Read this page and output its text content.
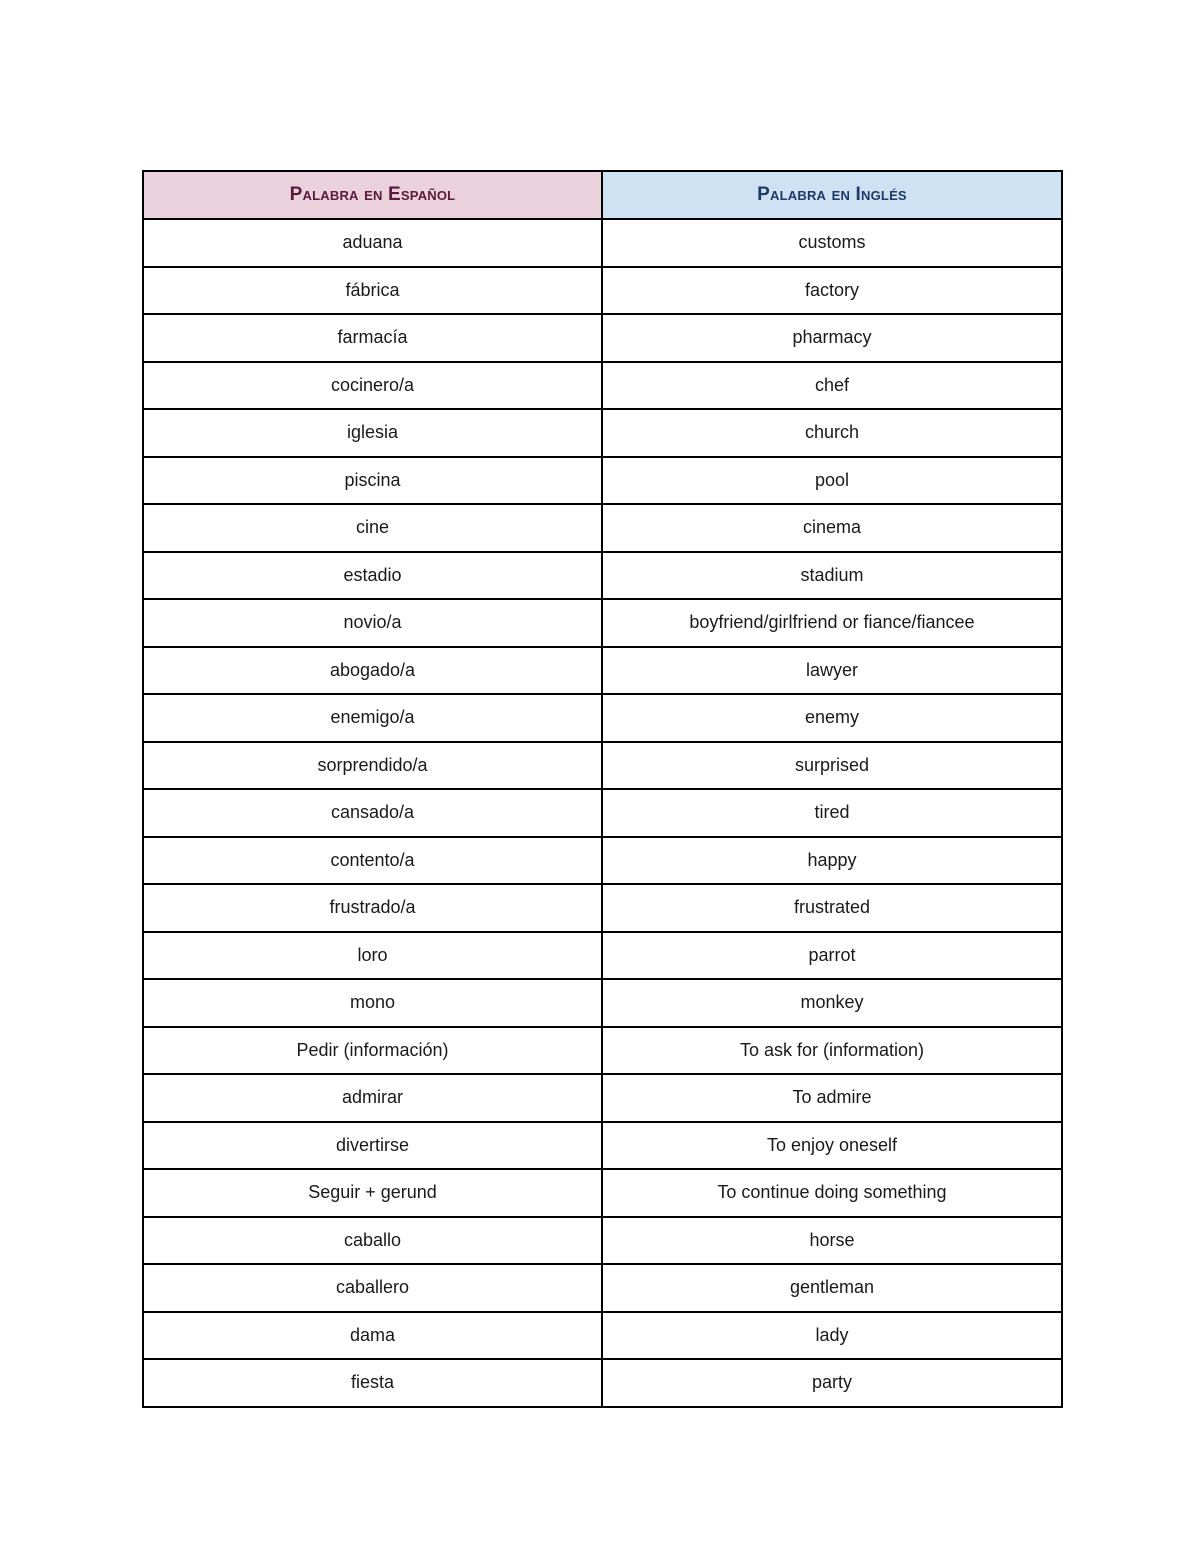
Palabra en Español	Palabra en Inglés
aduana	customs
fábrica	factory
farmacía	pharmacy
cocinero/a	chef
iglesia	church
piscina	pool
cine	cinema
estadio	stadium
novio/a	boyfriend/girlfriend or fiance/fiancee
abogado/a	lawyer
enemigo/a	enemy
sorprendido/a	surprised
cansado/a	tired
contento/a	happy
frustrado/a	frustrated
loro	parrot
mono	monkey
Pedir (información)	To ask for (information)
admirar	To admire
divertirse	To enjoy oneself
Seguir + gerund	To continue doing something
caballo	horse
caballero	gentleman
dama	lady
fiesta	party
